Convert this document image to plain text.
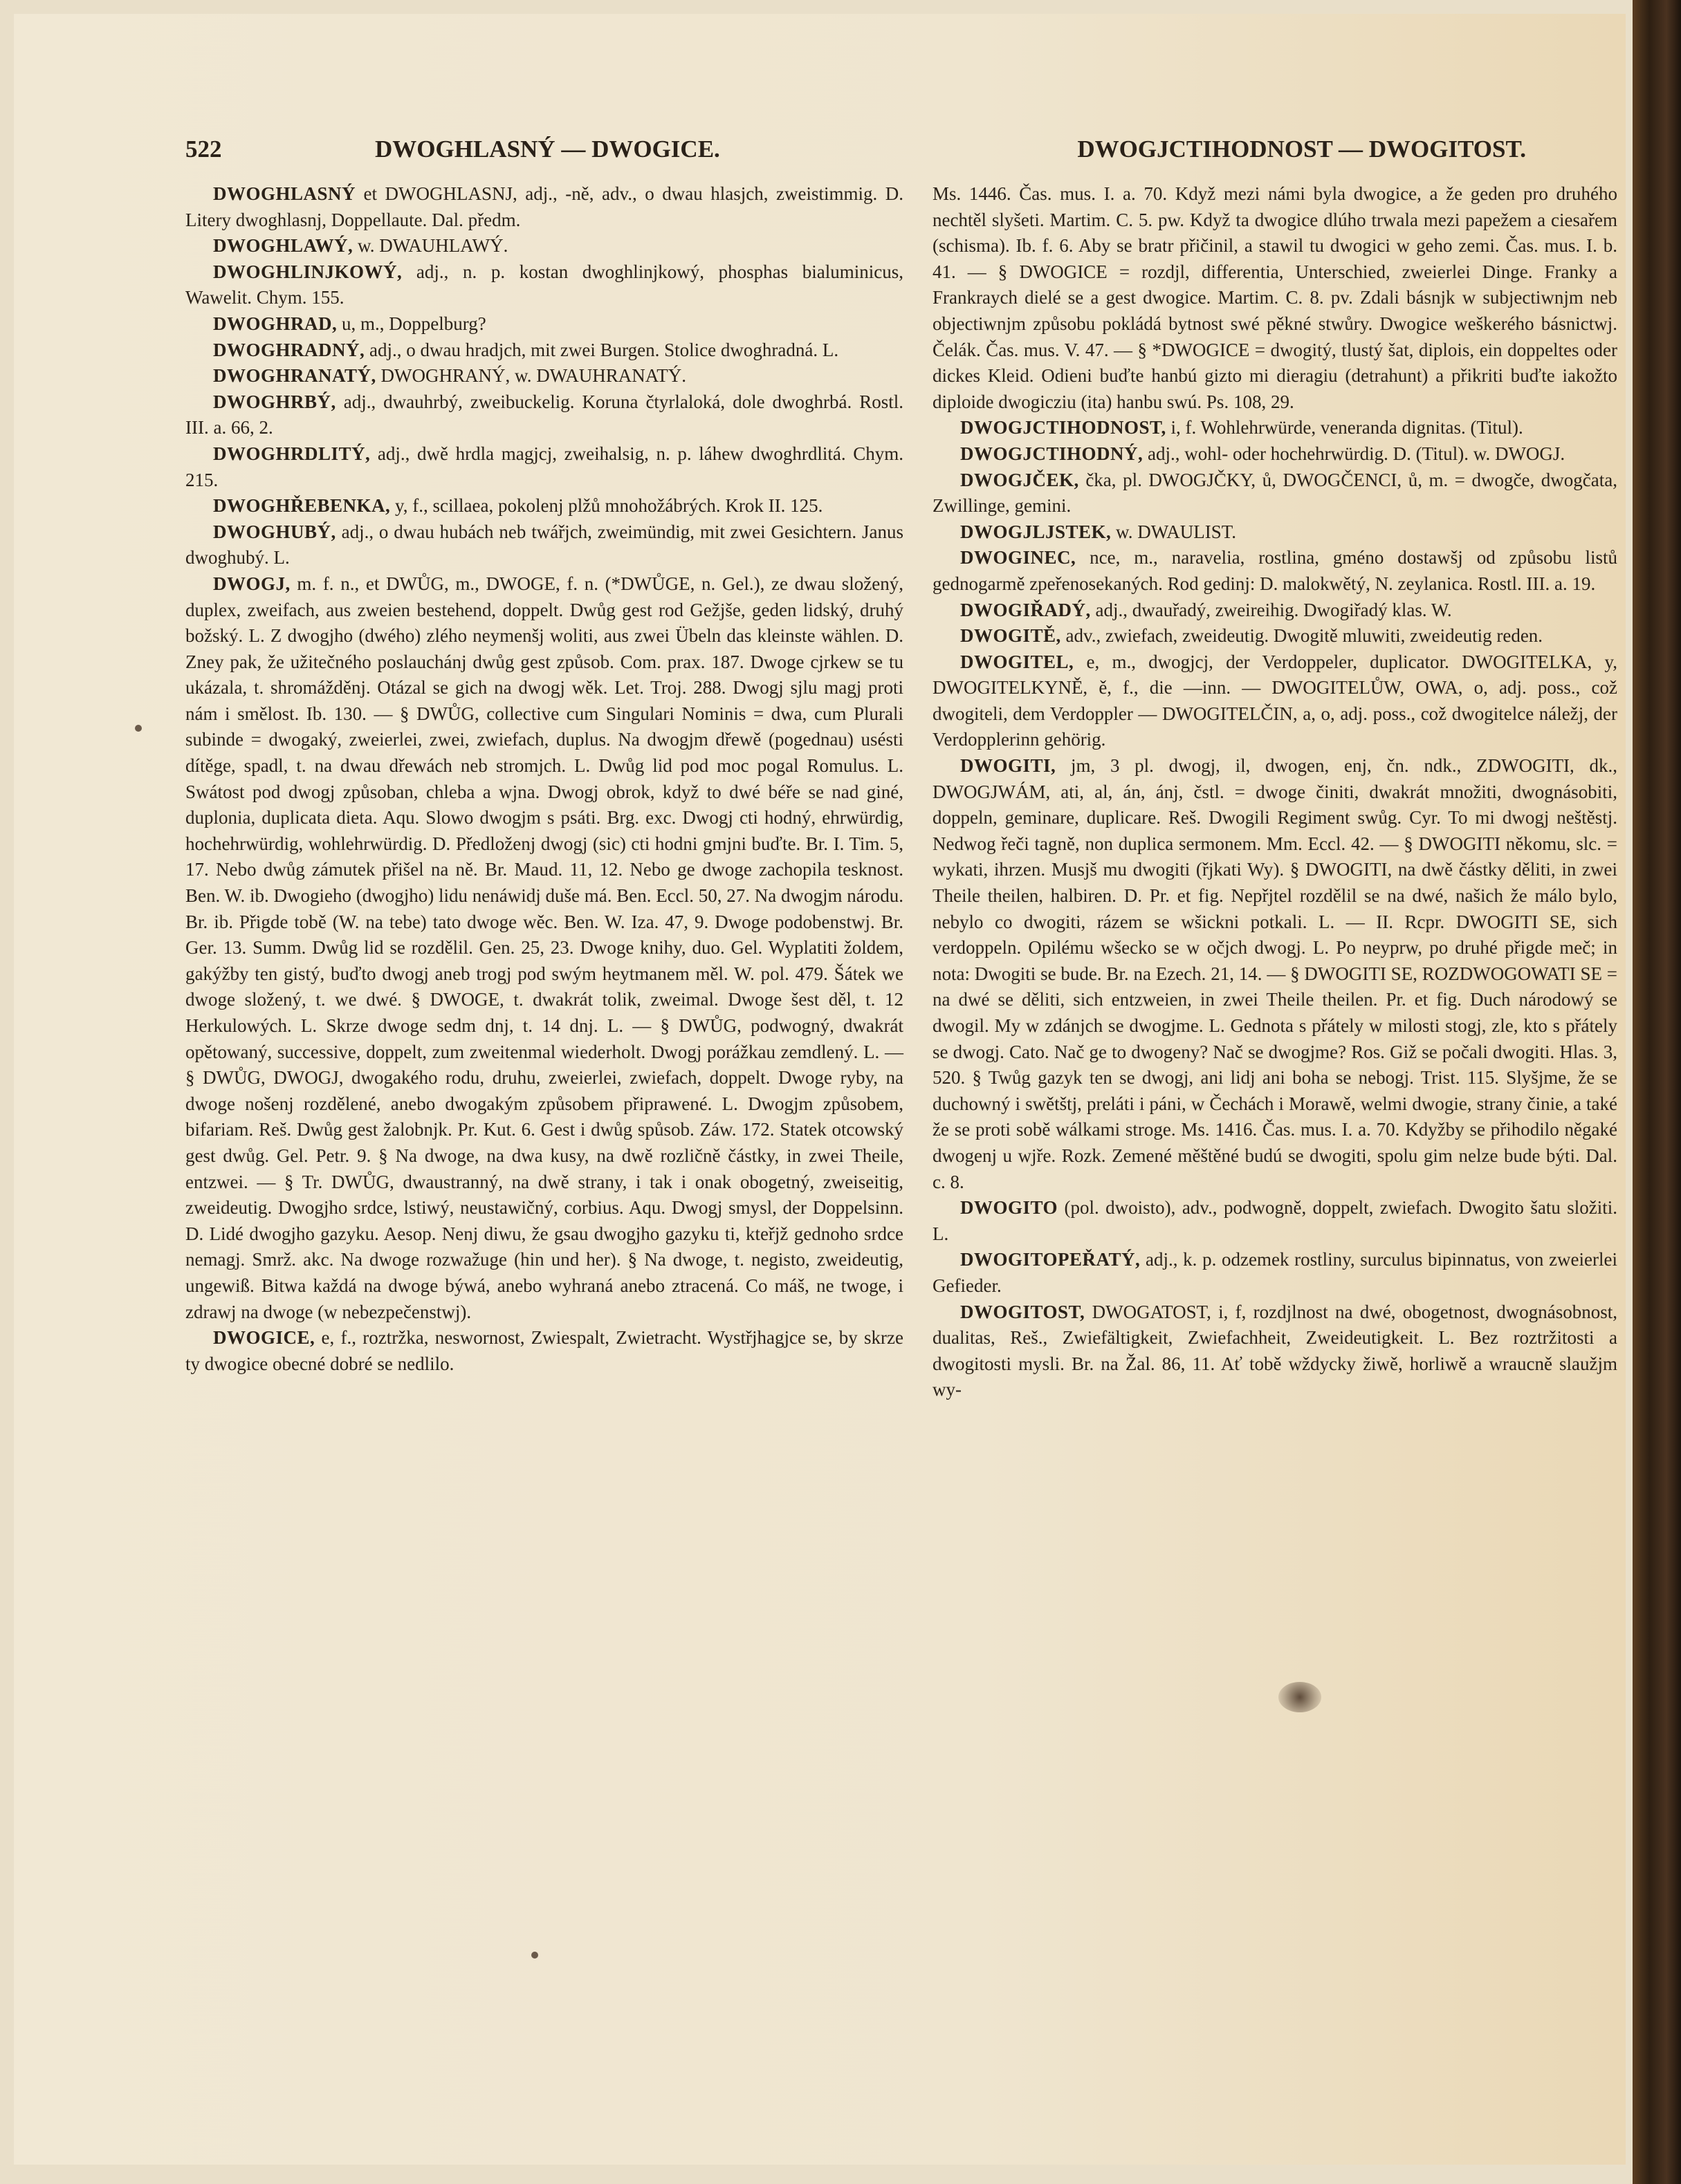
522	DWOGHLASNÝ — DWOGICE.	DWOGJCTIHODNOST — DWOGITOST.

DWOGHLASNÝ et DWOGHLASNJ, adj., -ně, adv., o dwau hlasjch, zweistimmig. D. Litery dwoghlasnj, Doppellaute. Dal. předm.

DWOGHLAWÝ, w. DWAUHLAWÝ.

DWOGHLINJKOWÝ, adj., n. p. kostan dwoghlinjkowý, phosphas bialuminicus, Wawelit. Chym. 155.

DWOGHRAD, u, m., Doppelburg?

DWOGHRADNÝ, adj., o dwau hradjch, mit zwei Burgen. Stolice dwoghradná. L.

DWOGHRANATÝ, DWOGHRANÝ, w. DWAUHRANATÝ.

DWOGHRBÝ, adj., dwauhrbý, zweibuckelig. Koruna čtyrlaloká, dole dwoghrbá. Rostl. III. a. 66, 2.

DWOGHRDLITÝ, adj., dwě hrdla magjcj, zweihalsig, n. p. láhew dwoghrdlitá. Chym. 215.

DWOGHŘEBENKA, y, f., scillaea, pokolenj plžů mnohožábrých. Krok II. 125.

DWOGHUBÝ, adj., o dwau hubách neb twářjch, zweimündig, mit zwei Gesichtern. Janus dwoghubý. L.

DWOGJ, m. f. n., et DWŮG, m., DWOGE, f. n. (*DWŮGE, n. Gel.), ze dwau složený, duplex, zweifach, aus zweien bestehend, doppelt. Dwůg gest rod Gežjše, geden lidský, druhý božský. L. Z dwogjho (dwého) zlého neymenšj woliti, aus zwei Übeln das kleinste wählen. D. Zney pak, že užitečného poslauchánj dwůg gest způsob. Com. prax. 187. Dwoge cjrkew se tu ukázala, t. shromážděnj. Otázal se gich na dwogj wěk. Let. Troj. 288. Dwogj sjlu magj proti nám i smělost. Ib. 130. — § DWŮG, collective cum Singulari Nominis = dwa, cum Plurali subinde = dwogaký, zweierlei, zwei, zwiefach, duplus. Na dwogjm dřewě (pogednau) usésti dítěge, spadl, t. na dwau dřewách neb stromjch. L. Dwůg lid pod moc pogal Romulus. L. Swátost pod dwogj způsoban, chleba a wjna. Dwogj obrok, když to dwé béře se nad giné, duplonia, duplicata dieta. Aqu. Slowo dwogjm s psáti. Brg. exc. Dwogj cti hodný, ehrwürdig, hochehrwürdig, wohlehrwürdig. D. Předloženj dwogj (sic) cti hodni gmjni buďte. Br. I. Tim. 5, 17. Nebo dwůg zámutek přišel na ně. Br. Maud. 11, 12. Nebo ge dwoge zachopila tesknost. Ben. W. ib. Dwogieho (dwogjho) lidu nenáwidj duše má. Ben. Eccl. 50, 27. Na dwogjm národu. Br. ib. Přigde tobě (W. na tebe) tato dwoge wěc. Ben. W. Iza. 47, 9. Dwoge podobenstwj. Br. Ger. 13. Summ. Dwůg lid se rozdělil. Gen. 25, 23. Dwoge knihy, duo. Gel. Wyplatiti žoldem, gakýžby ten gistý, buďto dwogj aneb trogj pod swým heytmanem měl. W. pol. 479. Šátek we dwoge složený, t. we dwé. § DWOGE, t. dwakrát tolik, zweimal. Dwoge šest děl, t. 12 Herkulowých. L. Skrze dwoge sedm dnj, t. 14 dnj. L. — § DWŮG, podwogný, dwakrát opětowaný, successive, doppelt, zum zweitenmal wiederholt. Dwogj porážkau zemdlený. L. — § DWŮG, DWOGJ, dwogakého rodu, druhu, zweierlei, zwiefach, doppelt. Dwoge ryby, na dwoge nošenj rozdělené, anebo dwogakým způsobem připrawené. L. Dwogjm způsobem, bifariam. Reš. Dwůg gest žalobnjk. Pr. Kut. 6. Gest i dwůg spůsob. Záw. 172. Statek otcowský gest dwůg. Gel. Petr. 9. § Na dwoge, na dwa kusy, na dwě rozličně částky, in zwei Theile, entzwei. — § Tr. DWŮG, dwaustranný, na dwě strany, i tak i onak obogetný, zweiseitig, zweideutig. Dwogjho srdce, lstiwý, neustawičný, corbius. Aqu. Dwogj smysl, der Doppelsinn. D. Lidé dwogjho gazyku. Aesop. Nenj diwu, že gsau dwogjho gazyku ti, kteřjž gednoho srdce nemagj. Smrž. akc. Na dwoge rozwažuge (hin und her). § Na dwoge, t. negisto, zweideutig, ungewiß. Bitwa každá na dwoge býwá, anebo wyhraná anebo ztracená. Co máš, ne twoge, i zdrawj na dwoge (w nebezpečenstwj).

DWOGICE, e, f., roztržka, neswornost, Zwiespalt, Zwietracht. Wystřjhagjce se, by skrze ty dwogice obecné dobré se nedlilo.

Ms. 1446. Čas. mus. I. a. 70. Když mezi námi byla dwogice, a že geden pro druhého nechtěl slyšeti. Martim. C. 5. pw. Když ta dwogice dlúho trwala mezi papežem a ciesařem (schisma). Ib. f. 6. Aby se bratr přičinil, a stawil tu dwogici w geho zemi. Čas. mus. I. b. 41. — § DWOGICE = rozdjl, differentia, Unterschied, zweierlei Dinge. Franky a Frankraych dielé se a gest dwogice. Martim. C. 8. pv. Zdali básnjk w subjectiwnjm neb objectiwnjm způsobu pokládá bytnost swé pěkné stwůry. Dwogice weškerého básnictwj. Čelák. Čas. mus. V. 47. — § *DWOGICE = dwogitý, tlustý šat, diplois, ein doppeltes oder dickes Kleid. Odieni buďte hanbú gizto mi dieragiu (detrahunt) a přikriti buďte iakožto diploide dwogicziu (ita) hanbu swú. Ps. 108, 29.

DWOGJCTIHODNOST, i, f. Wohlehrwürde, veneranda dignitas. (Titul).

DWOGJCTIHODNÝ, adj., wohl- oder hochehrwürdig. D. (Titul). w. DWOGJ.

DWOGJČEK, čka, pl. DWOGJČKY, ů, DWOGČENCI, ů, m. = dwogče, dwogčata, Zwillinge, gemini.

DWOGJLJSTEK, w. DWAULIST.

DWOGINEC, nce, m., naravelia, rostlina, gméno dostawšj od způsobu listů gednogarmě zpeřenosekaných. Rod gedinj: D. malokwětý, N. zeylanica. Rostl. III. a. 19.

DWOGIŘADÝ, adj., dwauřadý, zweireihig. Dwogiřadý klas. W.

DWOGITĚ, adv., zwiefach, zweideutig. Dwogitě mluwiti, zweideutig reden.

DWOGITEL, e, m., dwogjcj, der Verdoppeler, duplicator. DWOGITELKA, y, DWOGITELKYNĚ, ě, f., die —inn. — DWOGITELŮW, OWA, o, adj. poss., což dwogiteli, dem Verdoppler — DWOGITELČIN, a, o, adj. poss., což dwogitelce náležj, der Verdopplerinn gehörig.

DWOGITI, jm, 3 pl. dwogj, il, dwogen, enj, čn. ndk., ZDWOGITI, dk., DWOGJWÁM, ati, al, án, ánj, čstl. = dwoge činiti, dwakrát množiti, dwognásobiti, doppeln, geminare, duplicare. Reš. Dwogili Regiment swůg. Cyr. To mi dwogj neštěstj. Nedwog řeči tagně, non duplica sermonem. Mm. Eccl. 42. — § DWOGITI někomu, slc. = wykati, ihrzen. Musjš mu dwogiti (řjkati Wy). § DWOGITI, na dwě částky děliti, in zwei Theile theilen, halbiren. D. Pr. et fig. Nepřjtel rozdělil se na dwé, našich že málo bylo, nebylo co dwogiti, rázem se wšickni potkali. L. — II. Rcpr. DWOGITI SE, sich verdoppeln. Opilému wšecko se w očjch dwogj. L. Po neyprw, po druhé přigde meč; in nota: Dwogiti se bude. Br. na Ezech. 21, 14. — § DWOGITI SE, ROZDWOGOWATI SE = na dwé se děliti, sich entzweien, in zwei Theile theilen. Pr. et fig. Duch národowý se dwogil. My w zdánjch se dwogjme. L. Gednota s přátely w milosti stogj, zle, kto s přátely se dwogj. Cato. Nač ge to dwogeny? Nač se dwogjme? Ros. Giž se počali dwogiti. Hlas. 3, 520. § Twůg gazyk ten se dwogj, ani lidj ani boha se nebogj. Trist. 115. Slyšjme, že se duchowný i swětštj, preláti i páni, w Čechách i Morawě, welmi dwogie, strany činie, a také že se proti sobě wálkami stroge. Ms. 1416. Čas. mus. I. a. 70. Kdyžby se přihodilo něgaké dwogenj u wjře. Rozk. Zemené měštěné budú se dwogiti, spolu gim nelze bude býti. Dal. c. 8.

DWOGITO (pol. dwoisto), adv., podwogně, doppelt, zwiefach. Dwogito šatu složiti. L.

DWOGITOPEŘATÝ, adj., k. p. odzemek rostliny, surculus bipinnatus, von zweierlei Gefieder.

DWOGITOST, DWOGATOST, i, f, rozdjlnost na dwé, obogetnost, dwognásobnost, dualitas, Reš., Zwiefältigkeit, Zwiefachheit, Zweideutigkeit. L. Bez roztržitosti a dwogitosti mysli. Br. na Žal. 86, 11. Ať tobě wždycky žiwě, horliwě a wraucně slaužjm wy-
